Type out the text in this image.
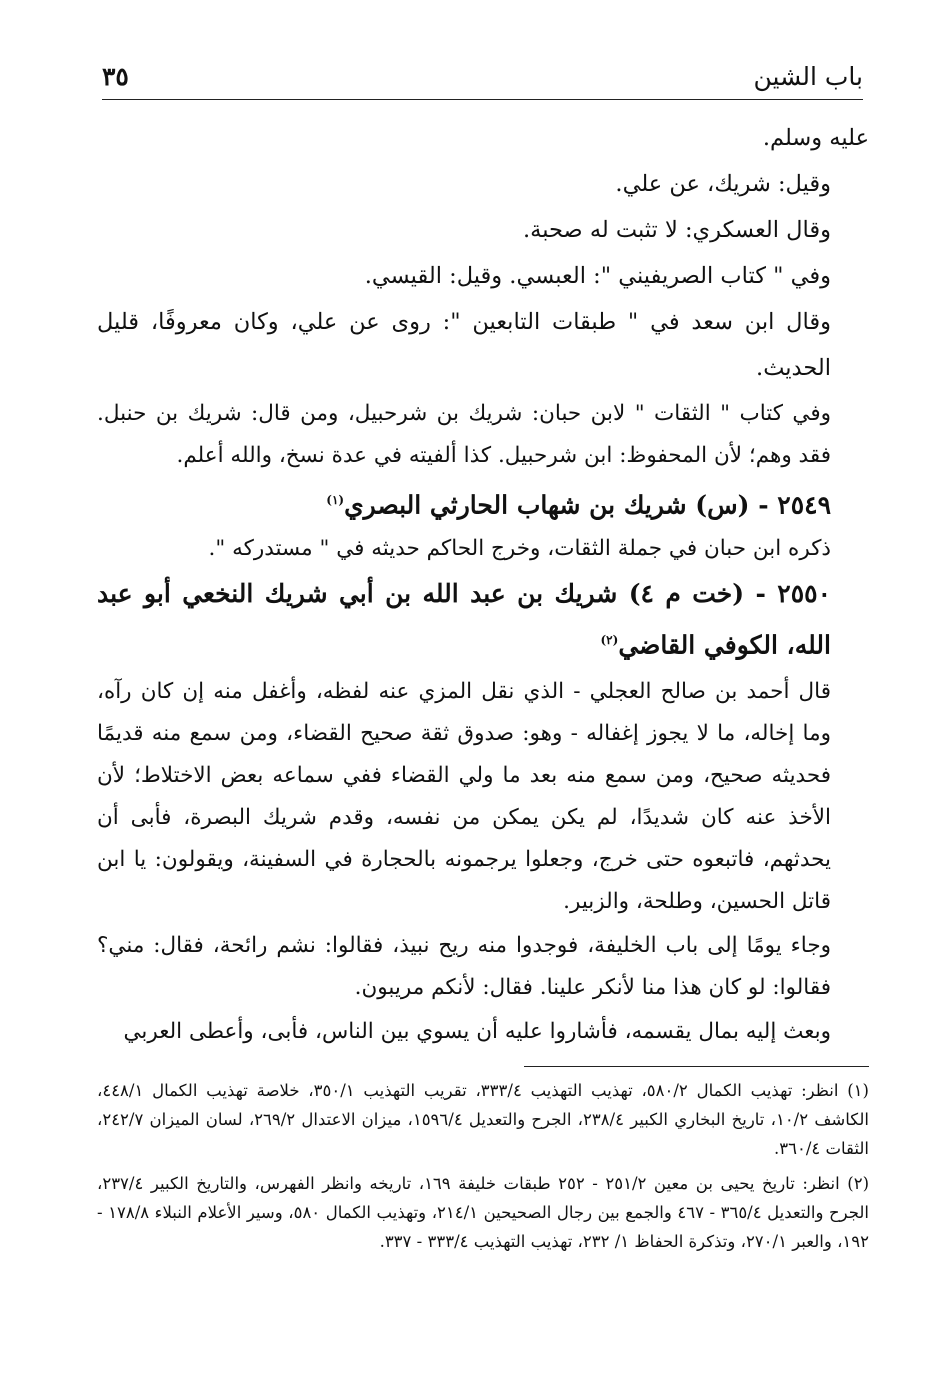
باب الشين
٣٥

عليه وسلم.

وقيل: شريك، عن علي.

وقال العسكري: لا تثبت له صحبة.

وفي " كتاب الصريفيني ": العبسي. وقيل: القيسي.

وقال ابن سعد في " طبقات التابعين ": روى عن علي، وكان معروفًا، قليل الحديث.

وفي كتاب " الثقات " لابن حبان: شريك بن شرحبيل، ومن قال: شريك بن حنبل. فقد وهم؛ لأن المحفوظ: ابن شرحبيل. كذا ألفيته في عدة نسخ، والله أعلم.

٢٥٤٩ - (س) شريك بن شهاب الحارثي البصري$^{(١)}$

ذكره ابن حبان في جملة الثقات، وخرج الحاكم حديثه في " مستدركه ".

٢٥٥٠ - (خت م ٤) شريك بن عبد الله بن أبي شريك النخعي أبو عبد الله، الكوفي القاضي$^{(٢)}$

قال أحمد بن صالح العجلي - الذي نقل المزي عنه لفظه، وأغفل منه إن كان رآه، وما إخاله، ما لا يجوز إغفاله - وهو: صدوق ثقة صحيح القضاء، ومن سمع منه قديمًا فحديثه صحيح، ومن سمع منه بعد ما ولي القضاء ففي سماعه بعض الاختلاط؛ لأن الأخذ عنه كان شديدًا، لم يكن يمكن من نفسه، وقدم شريك البصرة، فأبى أن يحدثهم، فاتبعوه حتى خرج، وجعلوا يرجمونه بالحجارة في السفينة، ويقولون: يا ابن قاتل الحسين، وطلحة، والزبير.

وجاء يومًا إلى باب الخليفة، فوجدوا منه ريح نبيذ، فقالوا: نشم رائحة، فقال: مني؟ فقالوا: لو كان هذا منا لأنكر علينا. فقال: لأنكم مريبون.

وبعث إليه بمال يقسمه، فأشاروا عليه أن يسوي بين الناس، فأبى، وأعطى العربي

(١) انظر: تهذيب الكمال ٥٨٠/٢، تهذيب التهذيب ٣٣٣/٤، تقريب التهذيب ٣٥٠/١، خلاصة تهذيب الكمال ٤٤٨/١، الكاشف ١٠/٢، تاريخ البخاري الكبير ٢٣٨/٤، الجرح والتعديل ١٥٩٦/٤، ميزان الاعتدال ٢٦٩/٢، لسان الميزان ٢٤٢/٧، الثقات ٣٦٠/٤.

(٢) انظر: تاريخ يحيى بن معين ٢٥١/٢ - ٢٥٢ طبقات خليفة ١٦٩، تاريخه وانظر الفهرس، والتاريخ الكبير ٢٣٧/٤، الجرح والتعديل ٣٦٥/٤ - ٤٦٧ والجمع بين رجال الصحيحين ٢١٤/١، وتهذيب الكمال ٥٨٠، وسير الأعلام النبلاء ١٧٨/٨ - ١٩٢، والعبر ٢٧٠/١، وتذكرة الحفاظ ١/ ٢٣٢، تهذيب التهذيب ٣٣٣/٤ - ٣٣٧.
